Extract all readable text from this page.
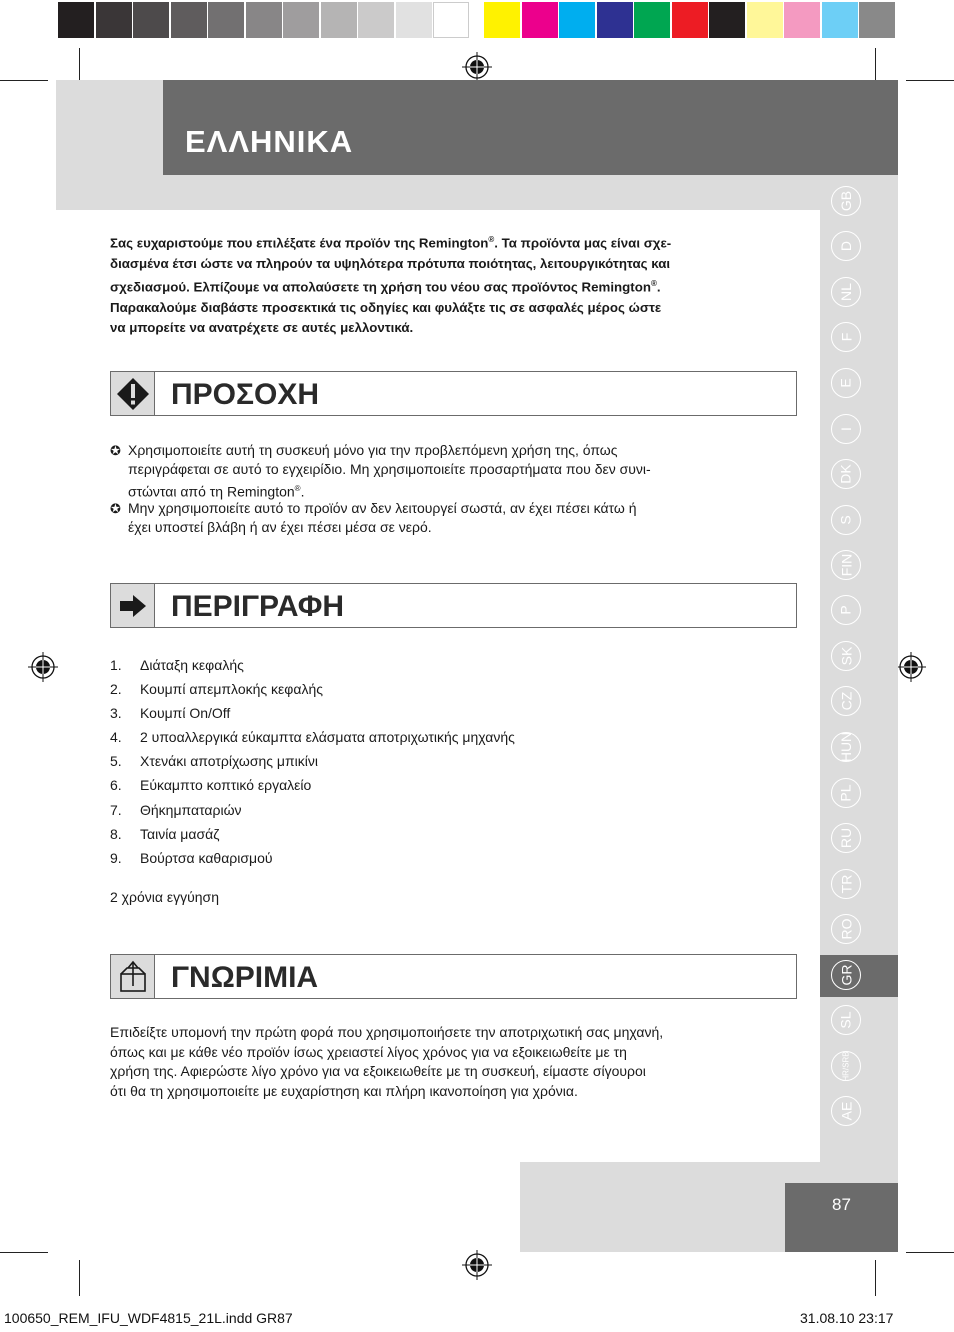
ΕΛΛΗΝΙΚΑ
GB
D
NL
F
E
I
DK
S
FIN
P
SK
CZ
HUN
PL
RU
TR
RO
GR
SL
HR/SRB
AE
87
Σας ευχαριστούμε που επιλέξατε ένα προϊόν της Remington®. Τα προϊόντα μας είναι σχε-
διασμένα έτσι ώστε να πληρούν τα υψηλότερα πρότυπα ποιότητας, λειτουργικότητας και
σχεδιασμού. Ελπίζουμε να απολαύσετε τη χρήση του νέου σας προϊόντος Remington®.
Παρακαλούμε διαβάστε προσεκτικά τις οδηγίες και φυλάξτε τις σε ασφαλές μέρος ώστε
να μπορείτε να ανατρέχετε σε αυτές μελλοντικά.
ΠΡΟΣΟΧΗ
✪ Χρησιμοποιείτε αυτή τη συσκευή μόνο για την προβλεπόμενη χρήση της, όπως
περιγράφεται σε αυτό το εγχειρίδιο. Μη χρησιμοποιείτε προσαρτήματα που δεν συνι-
στώνται από τη Remington®.
✪ Μην χρησιμοποιείτε αυτό το προϊόν αν δεν λειτουργεί σωστά, αν έχει πέσει κάτω ή
έχει υποστεί βλάβη ή αν έχει πέσει μέσα σε νερό.
ΠΕΡΙΓΡΑΦΗ
1.	Διάταξη κεφαλής
2.	Κουμπί απεμπλοκής κεφαλής
3.	Κουμπί On/Off
4.	2 υποαλλεργικά εύκαμπτα ελάσματα αποτριχωτικής μηχανής
5.	Χτενάκι αποτρίχωσης μπικίνι
6.	Εύκαμπτο κοπτικό εργαλείο
7.	Θήκημπαταριών
8.	Ταινία μασάζ
9.	Βούρτσα καθαρισμού
2 χρόνια εγγύηση
ΓΝΩΡΙΜΙΑ
Επιδείξτε υπομονή την πρώτη φορά που χρησιμοποιήσετε την αποτριχωτική σας μηχανή,
όπως και με κάθε νέο προϊόν ίσως χρειαστεί λίγος χρόνος για να εξοικειωθείτε με τη
χρήση της. Αφιερώστε λίγο χρόνο για να εξοικειωθείτε με τη συσκευή, είμαστε σίγουροι
ότι θα τη χρησιμοποιείτε με ευχαρίστηση και πλήρη ικανοποίηση για χρόνια.
100650_REM_IFU_WDF4815_21L.indd GR87	31.08.10 23:17
